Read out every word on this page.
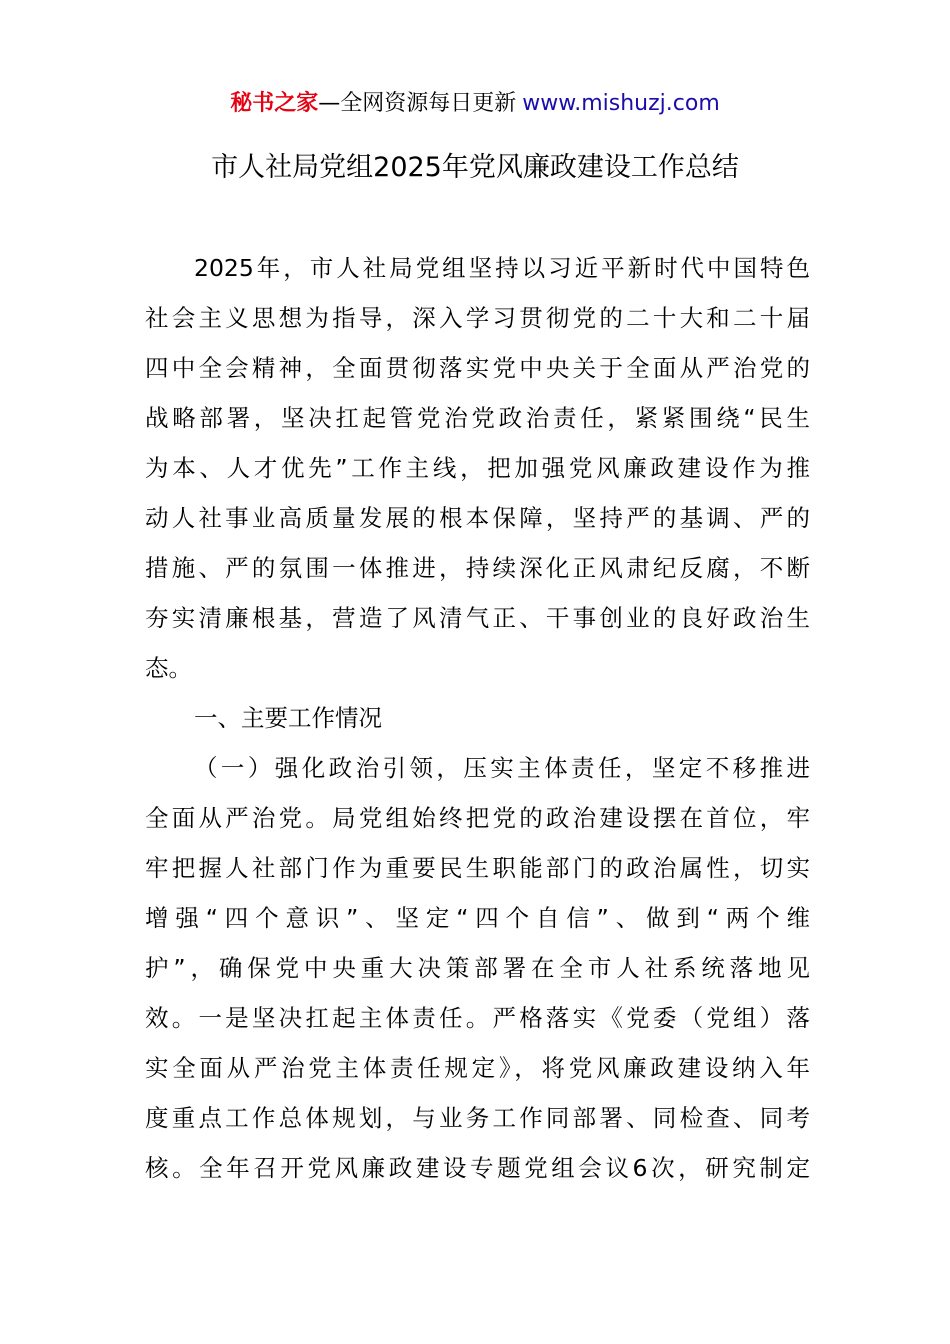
秘书之家—全网资源每日更新 www.mishuzj.com
市人社局党组2025年党风廉政建设工作总结
2025年，市人社局党组坚持以习近平新时代中国特色
社会主义思想为指导，深入学习贯彻党的二十大和二十届
四中全会精神，全面贯彻落实党中央关于全面从严治党的
战略部署，坚决扛起管党治党政治责任，紧紧围绕“民生
为本、人才优先”工作主线，把加强党风廉政建设作为推
动人社事业高质量发展的根本保障，坚持严的基调、严的
措施、严的氛围一体推进，持续深化正风肃纪反腐，不断
夯实清廉根基，营造了风清气正、干事创业的良好政治生
态。
一、主要工作情况
（一）强化政治引领，压实主体责任，坚定不移推进
全面从严治党。局党组始终把党的政治建设摆在首位，牢
牢把握人社部门作为重要民生职能部门的政治属性，切实
增强“四个意识”、坚定“四个自信”、做到“两个维
护”，确保党中央重大决策部署在全市人社系统落地见
效。一是坚决扛起主体责任。严格落实《党委（党组）落
实全面从严治党主体责任规定》，将党风廉政建设纳入年
度重点工作总体规划，与业务工作同部署、同检查、同考
核。全年召开党风廉政建设专题党组会议6次，研究制定
